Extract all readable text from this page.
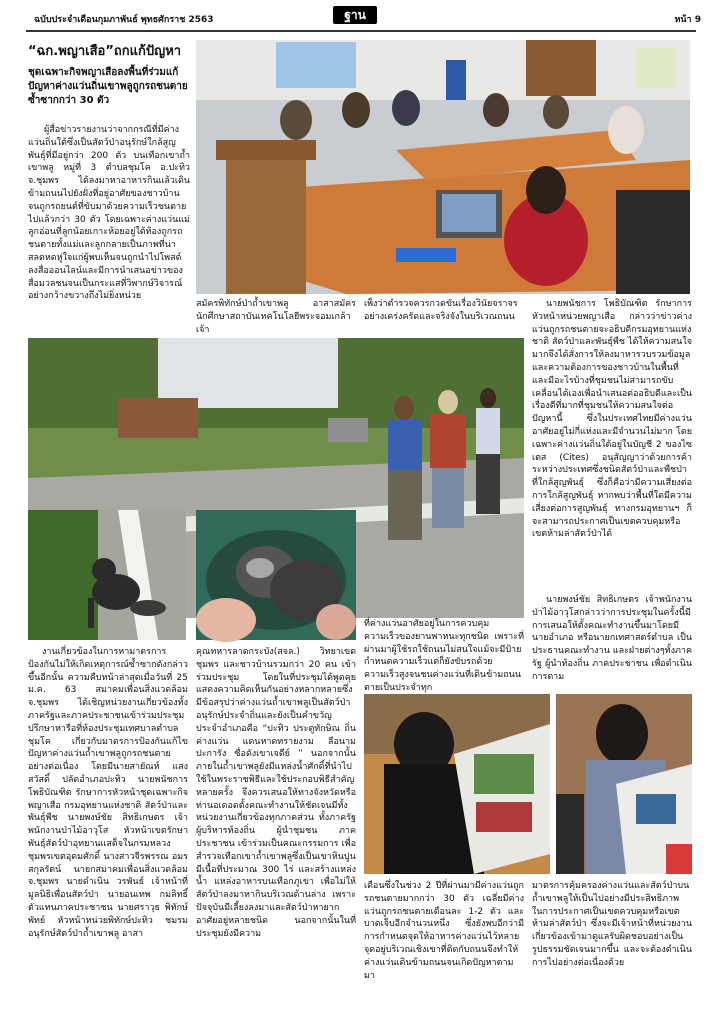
ฉบับประจำเดือนกุมภาพันธ์ พุทธศักราช 2563	ฐาน	หน้า 9
“ฉก.พญาเสือ”ถกแก้ปัญหา
ชุดเฉพาะกิจพญาเสือลงพื้นที่ร่วมแก้ปัญหาค่างแว่นถิ่นเขาพลูถูกรถชนตาย ซ้ำซากกว่า 30 ตัว
ผู้สื่อข่าวรายงานว่าจากกรณีที่มีค่างแว่นถิ่นใต้ซึ่งเป็นสัตว์ป่าอนุรักษ์ใกล้สูญพันธุ์ที่มีอยู่กว่า 200 ตัว บนเทือกเขาถ้ำเขาพลู หมู่ที่ 3 ตำบลชุมโค อ.ปะทิว จ.ชุมพร ได้ลงมาหาอาหารกินแล้วเดินข้ามถนนไปยังฝั่งที่อยู่อาศัยของชาวบ้านจนถูกรถยนต์ที่ขับมาด้วยความเร็วชนตายไปแล้วกว่า 30 ตัว โดยเฉพาะค่างแว่นแม่ลูกอ่อนที่ลูกน้อยเกาะห้อยอยู่ใต้ท้องถูกรถชนตายทั้งแม่และลูกกลายเป็นภาพที่น่าสลดหดหู่ใจแก่ผู้พบเห็นจนถูกนำไปโพสต์ลงสื่อออนไลน์และมีการนำเสนอข่าวของสื่อมวลชนจนเป็นกระแสที่วิพากษ์วิจารณ์อย่างกว้างขวางถึงไม่ยิ่งหน่วย
สมัครพิทักษ์ป่าถ้ำเขาพลู อาสาสมัครนักศึกษาสถาบันเทคโนโลยีพระจอมเกล้าเจ้า
เพ็งว่าตำรวจควรกวดขันเรื่องวินัยจราจรอย่างเคร่งครัดและจริงจังในบริเวณถนน
นายพนัชการ โพธิบัณฑิต รักษาการหัวหน้าหน่วยพญาเสือ กล่าวว่าข่าวค่างแว่นถูกรถชนตายจะอธิบดีกรมอุทยานแห่งชาติ สัตว์ป่าและพันธุ์พืช ได้ให้ความสนใจมากจึงได้สั่งการให้ลงมาหารวบรวมข้อมูลและความต้องการของชาวบ้านในพื้นที่และมีอะไรบ้างที่ชุมชนไม่สามารถขับเคลื่อนได้เองเพื่อนำเสนอต่ออธิบดีและเป็นเรื่องดีที่มากที่ชุมชนให้ความสนใจต่อปัญหานี้ ซึ่งในประเทศไทยมีค่างแว่นอาศัยอยู่ไม่กี่แห่งและมีจำนวนไม่มาก โดยเฉพาะค่างแว่นถิ่นใต้อยู่ในบัญชี 2 ของไซเตส (Cites) อนุสัญญาว่าด้วยการค้าระหว่างประเทศซึ่งชนิดสัตว์ป่าและพืชป่าที่ใกล้สูญพันธุ์ ซึ่งก็คือว่ามีความเสี่ยงต่อการใกล้สูญพันธุ์ หากพบว่าพื้นที่ใดมีความเสี่ยงต่อการสูญพันธุ์ ทางกรมอุทยานฯ ก็จะสามารถประกาศเป็นเขตควบคุมหรือเขตห้ามล่าสัตว์ป่าได้
ที่ค่างแว่นอาศัยอยู่ในการควบคุมความเร็วของยานพาหนะทุกชนิด เพราะที่ผ่านมาผู้ใช้รถใช้ถนนไม่สนใจแม้จะมีป้ายกำหนดความเร็วแต่ก็ยังขับรถด้วยความเร็วสูงจนชนค่างแว่นที่เดินข้ามถนนตายเป็นประจำทุก
นายพงษ์ชัย สิทธิเกษตร เจ้าพนักงานป่าไม้อาวุโสกล่าวว่าการประชุมในครั้งนี้มีการเสนอให้ตั้งคณะทำงานขึ้นมาโดยมีนายอำเภอ หรือนายกเทศาสตร์ตำบล เป็นประธานคณะทำงาน และฝ่ายต่างๆทั้งภาครัฐ ผู้นำท้องถิ่น ภาคประชาชน เพื่อดำเนินการตาม
งานเกี่ยวข้องในการหามาตรการป้องกันไม่ให้เกิดเหตุการณ์ซ้ำซากดังกล่าวขึ้นอีกนั้น ความคืบหน้าล่าสุดเมื่อวันที่ 25 ม.ค. 63 สมาคมเพื่อนสิ่งแวดล้อม จ.ชุมพร ได้เชิญหน่วยงานเกี่ยวข้องทั้งภาครัฐและภาคประชาชนเข้าร่วมประชุมปรึกษาหารือที่ห้องประชุมเทศบาลตำบลชุมโค เกี่ยวกับมาตรการป้องกันแก้ไขปัญหาค่างแว่นถ้ำเขาพลูถูกรถชนตายอย่างต่อเนื่อง โดยมีนายสายัณห์ แสงสวัสดิ์ ปลัดอำเภอปะทิว นายพนัชการ โพธิบัณฑิต รักษาการหัวหน้าชุดเฉพาะกิจพญาเสือ กรมอุทยานแห่งชาติ สัตว์ป่าและพันธุ์พืช นายพงษ์ชัย สิทธิเกษตร เจ้าพนักงานป่าไม้อาวุโส หัวหน้าเขตรักษาพันธุ์สัตว์ป่าอุทยานแสด็จในกรมหลวงชุมพรเขตอุดมศักดิ์ นางสาวจีรพรรณ อมรสกุลรัตน์ นายกสมาคมเพื่อนสิ่งแวดล้อม จ.ชุมพร นายดำเนิน วรพันธ์ เจ้าหน้าที่มูลนิธิเพื่อนสัตว์ป่า นายอนเทพ กมลิทธิ์ ตัวแทนภาคประชาชน นายศราวุธ พิทักษ์ พัทย์ หัวหน้าหน่วยพิทักษ์ปะทิว ชมรมอนุรักษ์สัตว์ป่าถ้ำเขาพลู อาสา
คุณทหารลาดกระบัง(สจล.) วิทยาเขตชุมพร และชาวบ้านรวมกว่า 20 คน เข้าร่วมประชุม โดยในที่ประชุมได้พูดคุยแสดงความคิดเห็นกันอย่างหลากหลายซึ่งมีข้อสรุปว่าค่างแว่นถ้ำเขาพลูเป็นสัตว์ป่าอนุรักษ์ประจำถิ่นและยังเป็นคำขวัญประจำอำเภอคือ “ปะทิว ประตูทักษิณ ถิ่นค่างแว่น แดนหาดทรายงาม ลือนามปะการัง ซื่อดังเขาเจดีย์ ” นอกจากนั้นภายในถ้ำเขาพลูยังมีแหล่งน้ำศักดิ์ที่นำไปใช้ในพระราชพิธีและใช้ประกอบพิธีสำคัญหลายครั้ง จึงควรเสนอให้ทางจังหวัดหรือท่านอเดอดตั้งคณะทำงานให้ชัดเจนมีทั้งหน่วยงานเกี่ยวข้องทุกภาคส่วน ทั้งภาครัฐ ผู้บริหารท้องถิ่น ผู้นำชุมชน ภาคประชาชน เข้าร่วมเป็นคณะกรรมการ เพื่อสำรวจเทือกเขาถ้ำเขาพลูซึ่งเป็นเขาหินปูนมีเนื้อที่ประมาณ 300 ไร่ และสร้างแหล่งน้ำ แหล่งอาหารบนเทือกภูเขา เพื่อไม่ให้สัตว์ป่าลงมาหากินบริเวณด้านล่าง เพราะปัจจุบันมีเลี้ยงลงมาและสัตว์ป่าหายากอาศัยอยู่หลายชนิด นอกจากนั้นในที่ประชุมยังมีความ
เดือนซึ่งในช่วง 2 ปีที่ผ่านมามีค่างแว่นถูกรถชนตายมากกว่า 30 ตัว เฉลี่ยมีค่างแว่นถูกรถชนตายเดือนละ 1-2 ตัว และบาดเจ็บอีกจำนวนหนึ่ง ซึ่งยังพบอีกว่ามีการกำหนดจุดให้อาหารค่างแว่นไว้หลายจุดอยู่บริเวณเชิงเขาที่ติดกับถนนจึงทำให้ค่างแว่นเดินข้ามถนนจนเกิดปัญหาตามมา
มาตรการคุ้มครองค่างแว่นและสัตว์ป่าบนถ้ำเขาพลูให้เป็นไปอย่างมีประสิทธิภาพ ในการประกาศเป็นเขตควบคุมหรือเขตห้ามล่าสัตว์ป่า ซึ่งจะมีเจ้าหน้าที่หน่วยงานเกี่ยวข้องเข้ามาดูแลรับผิดชอบอย่างเป็นรูปธรรมชัดเจนมากขึ้น และจะต้องดำเนินการไปอย่างต่อเนื่องด้วย
